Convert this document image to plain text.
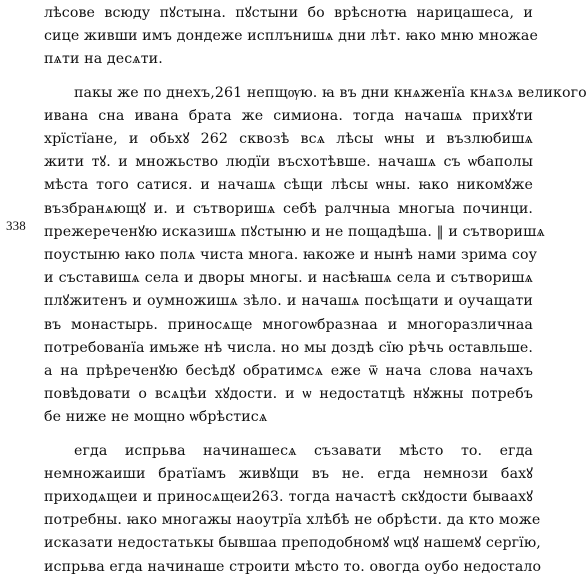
338

лѣсове всюду пꙋстына. пꙋстыни бо врѣснотꙗ нарицашеса, и
сице живши имъ дондеже исплънишѧ дни лѣт. ꙗко мню множае
пѧти на десѧти.

пакы же по днехъ,261 непщѹю. ꙗ въ дни кнѧженїа кнѧзѧ великого
ивана сна ивана брата же симиона. тогда начашѧ прихꙋти
хрїстїане, и обьхꙋ 262 сквозѣ всѧ лѣсы ѡны и възлюбишѧ
жити тꙋ. и множьство людїи въсхотѣвше. начашѧ съ ѡбаполы
мѣста того сатися. и начашѧ сѣщи лѣсы ѡны. ꙗко никомꙋже
възбранѧющꙋ и. и сътворишѧ себѣ ралчныа многыа починци.
прежереченꙋю исказишѧ пꙋстыню и не пощадѣша. ‖ и сътворишѧ
поустыню ꙗко полѧ чиста многа. ꙗкоже и нынѣ нами зрима соу
и съставишѧ села и дворы многы. и насѣꙗшѧ села и сътворишѧ
плꙋжитенъ и оумножишѧ зѣло. и начашѧ посѣщати и оучащати
въ монастырь. приносѧще многоѡбразнаа и многоразличнаа
потребованїа имьже нѣ числа. но мы доздѣ сїю рѣчь оставльше.
а на прѣреченꙋю бесѣдꙋ обратимсѧ еже ѿ нача слова начахъ
повѣдовати о всѧцѣи хꙋдости. и ѡ недостатцѣ нꙋжны потребъ
бе ниже не мощно ѡбрѣстисѧ

егда испрьва начинашесѧ съзавати мѣсто то. егда
немножаиши братїамъ живꙋщи въ не. егда немнози бахꙋ
приходѧщеи и приносѧщеи263. тогда начастѣ скꙋдости бываахꙋ
потребны. ꙗко многажы наоутрїа хлѣбѣ не обрѣсти. да кто може
исказати недостатькы бывшаа преподобномꙋ ѡцꙋ нашемꙋ сергїю,
испрьва егда начинаше строити мѣсто то. овогда оубо недостало
